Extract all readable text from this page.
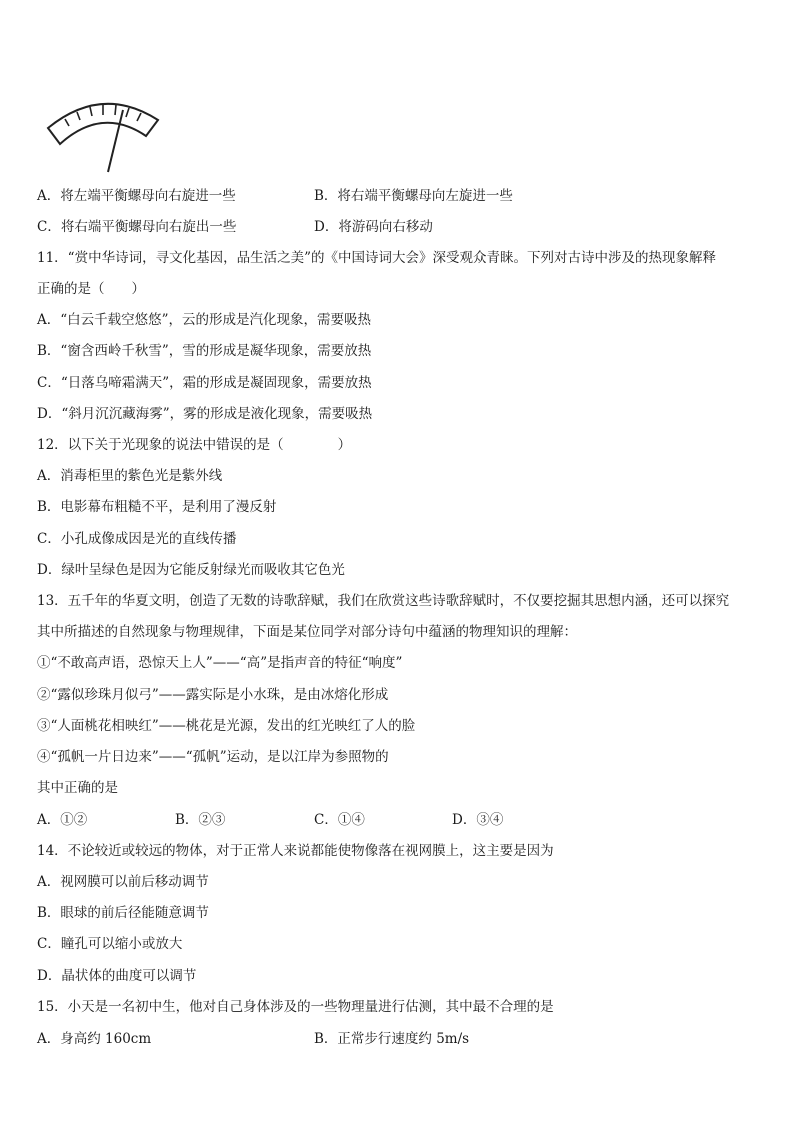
A．将左端平衡螺母向右旋进一些	B．将右端平衡螺母向左旋进一些
C．将右端平衡螺母向右旋出一些	D．将游码向右移动
11．“赏中华诗词，寻文化基因，品生活之美”的《中国诗词大会》深受观众青睐。下列对古诗中涉及的热现象解释
正确的是（　　）
A．“白云千载空悠悠”，云的形成是汽化现象，需要吸热
B．“窗含西岭千秋雪”，雪的形成是凝华现象，需要放热
C．“日落乌啼霜满天”，霜的形成是凝固现象，需要放热
D．“斜月沉沉藏海雾”，雾的形成是液化现象，需要吸热
12．以下关于光现象的说法中错误的是（　　　　）
A．消毒柜里的紫色光是紫外线
B．电影幕布粗糙不平，是利用了漫反射
C．小孔成像成因是光的直线传播
D．绿叶呈绿色是因为它能反射绿光而吸收其它色光
13．五千年的华夏文明，创造了无数的诗歌辞赋，我们在欣赏这些诗歌辞赋时，不仅要挖掘其思想内涵，还可以探究
其中所描述的自然现象与物理规律，下面是某位同学对部分诗句中蕴涵的物理知识的理解：
①“不敢高声语，恐惊天上人”——“高”是指声音的特征“响度”
②“露似珍珠月似弓”——露实际是小水珠，是由冰熔化形成
③“人面桃花相映红”——桃花是光源，发出的红光映红了人的脸
④“孤帆一片日边来”——“孤帆”运动，是以江岸为参照物的
其中正确的是
A．①②	B．②③	C．①④	D．③④
14．不论较近或较远的物体，对于正常人来说都能使物像落在视网膜上，这主要是因为
A．视网膜可以前后移动调节
B．眼球的前后径能随意调节
C．瞳孔可以缩小或放大
D．晶状体的曲度可以调节
15．小天是一名初中生，他对自己身体涉及的一些物理量进行估测，其中最不合理的是
A．身高约 160cm	B．正常步行速度约 5m/s
